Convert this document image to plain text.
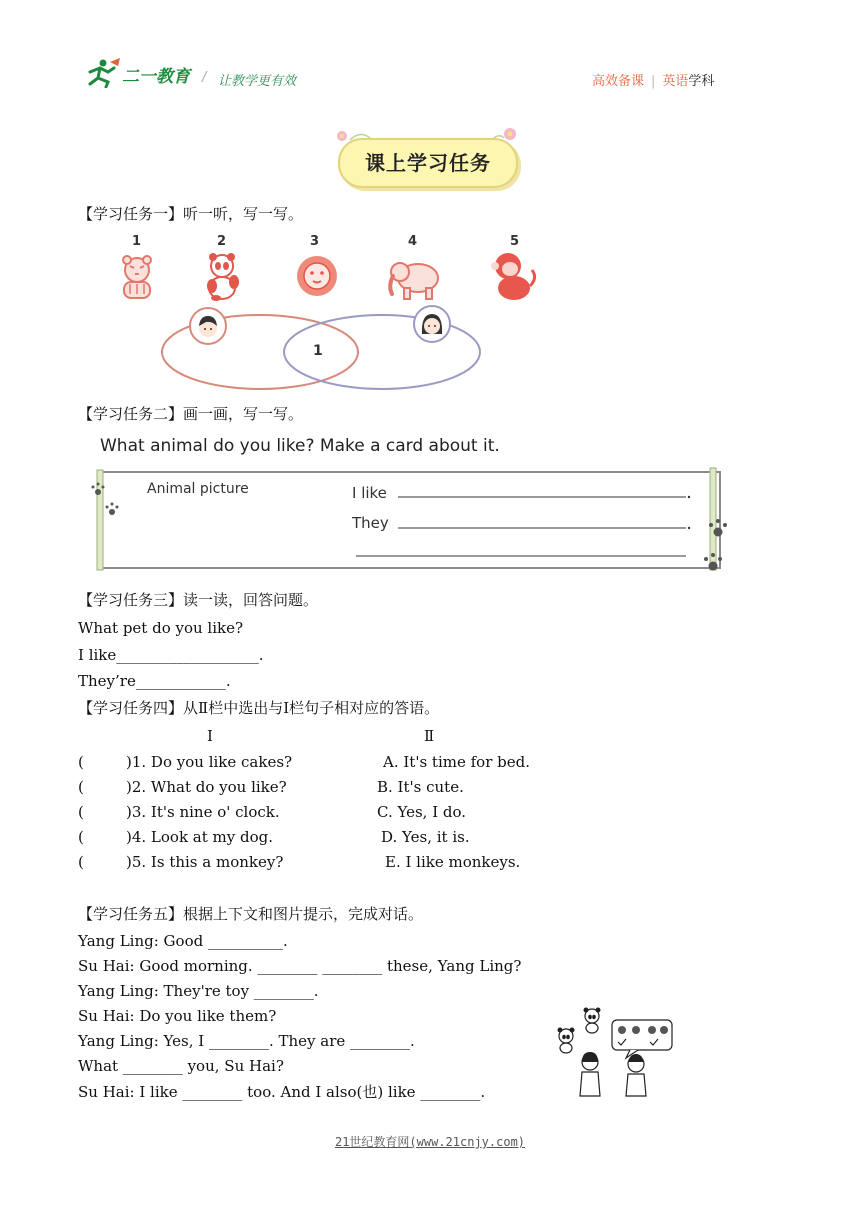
二一教育 / 让教学更有效	高效备课 | 英语学科
课上学习任务
【学习任务一】听一听，写一写。
1	2	3	4	5
1
【学习任务二】画一画，写一写。
What animal do you like? Make a card about it.
Animal picture	I like
They
【学习任务三】读一读，回答问题。
What pet do you like?
I like___________________.
They’re____________.
【学习任务四】从Ⅱ栏中选出与Ⅰ栏句子相对应的答语。
I	Ⅱ
(	)1. Do you like cakes?	A. It's time for bed.
(	)2. What do you like?	B. It's cute.
(	)3. It's nine o' clock.	C. Yes, I do.
(	)4. Look at my dog.	D. Yes, it is.
(	)5. Is this a monkey?	E. I like monkeys.
【学习任务五】根据上下文和图片提示，完成对话。
Yang Ling: Good __________.
Su Hai: Good morning. ________ ________ these, Yang Ling?
Yang Ling: They're toy ________.
Su Hai: Do you like them?
Yang Ling: Yes, I ________. They are ________.
What ________ you, Su Hai?
Su Hai: I like ________ too. And I also(也) like ________.
21世纪教育网(www.21cnjy.com)
